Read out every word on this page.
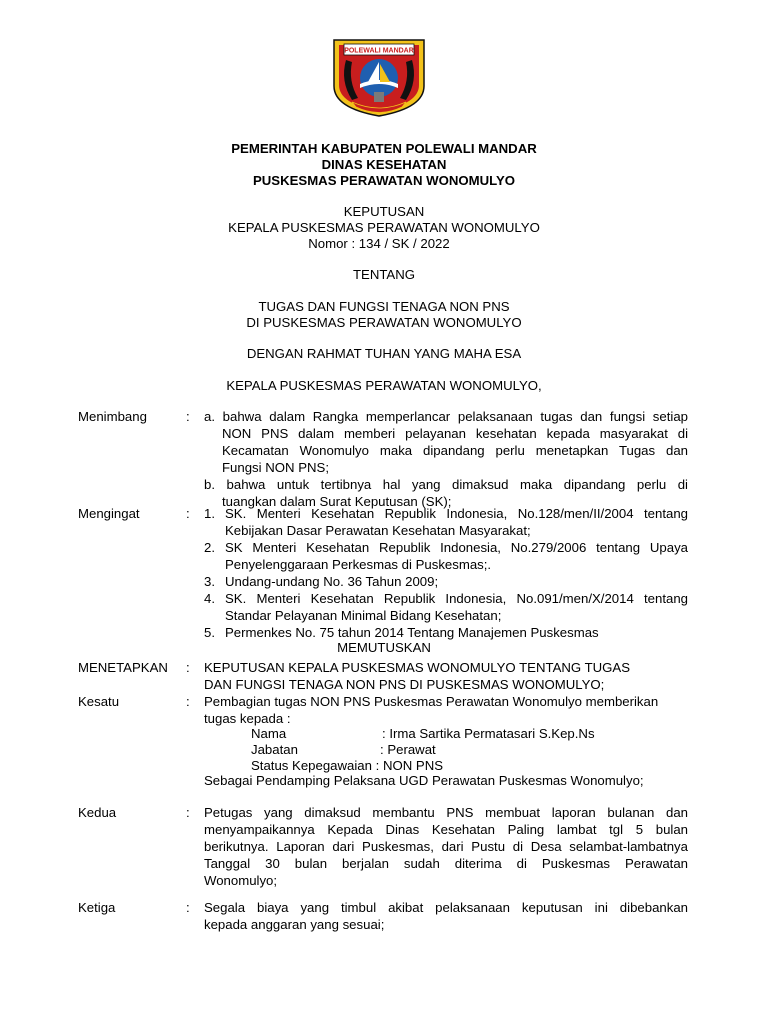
POLEWALI MANDAR
PEMERINTAH KABUPATEN POLEWALI MANDAR
DINAS KESEHATAN
PUSKESMAS PERAWATAN WONOMULYO
KEPUTUSAN
KEPALA PUSKESMAS PERAWATAN WONOMULYO
Nomor : 134 / SK / 2022
TENTANG
TUGAS DAN FUNGSI TENAGA NON PNS
DI PUSKESMAS PERAWATAN WONOMULYO
DENGAN RAHMAT TUHAN YANG MAHA ESA
KEPALA PUSKESMAS PERAWATAN WONOMULYO,
Menimbang	: a. bahwa dalam Rangka memperlancar pelaksanaan tugas dan fungsi setiap
NON PNS dalam memberi pelayanan kesehatan kepada masyarakat di
Kecamatan Wonomulyo maka dipandang perlu menetapkan Tugas dan
Fungsi NON PNS;
b. bahwa untuk tertibnya hal yang dimaksud maka dipandang perlu di
tuangkan dalam Surat Keputusan (SK);
Mengingat	: 1. SK. Menteri Kesehatan Republik Indonesia, No.128/men/II/2004 tentang
Kebijakan Dasar Perawatan Kesehatan Masyarakat;
2. SK Menteri Kesehatan Republik Indonesia, No.279/2006 tentang Upaya
Penyelenggaraan Perkesmas di Puskesmas;.
3. Undang-undang No. 36 Tahun 2009;
4. SK. Menteri Kesehatan Republik Indonesia, No.091/men/X/2014 tentang
Standar Pelayanan Minimal Bidang Kesehatan;
5. Permenkes No. 75 tahun 2014 Tentang Manajemen Puskesmas
MEMUTUSKAN
MENETAPKAN : KEPUTUSAN KEPALA PUSKESMAS WONOMULYO TENTANG TUGAS
DAN FUNGSI TENAGA NON PNS DI PUSKESMAS WONOMULYO;
Kesatu	: Pembagian tugas NON PNS Puskesmas Perawatan Wonomulyo memberikan
tugas kepada :
Nama	: Irma Sartika Permatasari S.Kep.Ns
Jabatan	: Perawat
Status Kepegawaian : NON PNS
Sebagai Pendamping Pelaksana UGD Perawatan Puskesmas Wonomulyo;
Kedua	: Petugas yang dimaksud membantu PNS membuat laporan bulanan dan
menyampaikannya Kepada Dinas Kesehatan Paling lambat tgl 5 bulan
berikutnya. Laporan dari Puskesmas, dari Pustu di Desa selambat-lambatnya
Tanggal 30 bulan berjalan sudah diterima di Puskesmas Perawatan
Wonomulyo;
Ketiga	: Segala biaya yang timbul akibat pelaksanaan keputusan ini dibebankan
kepada anggaran yang sesuai;
